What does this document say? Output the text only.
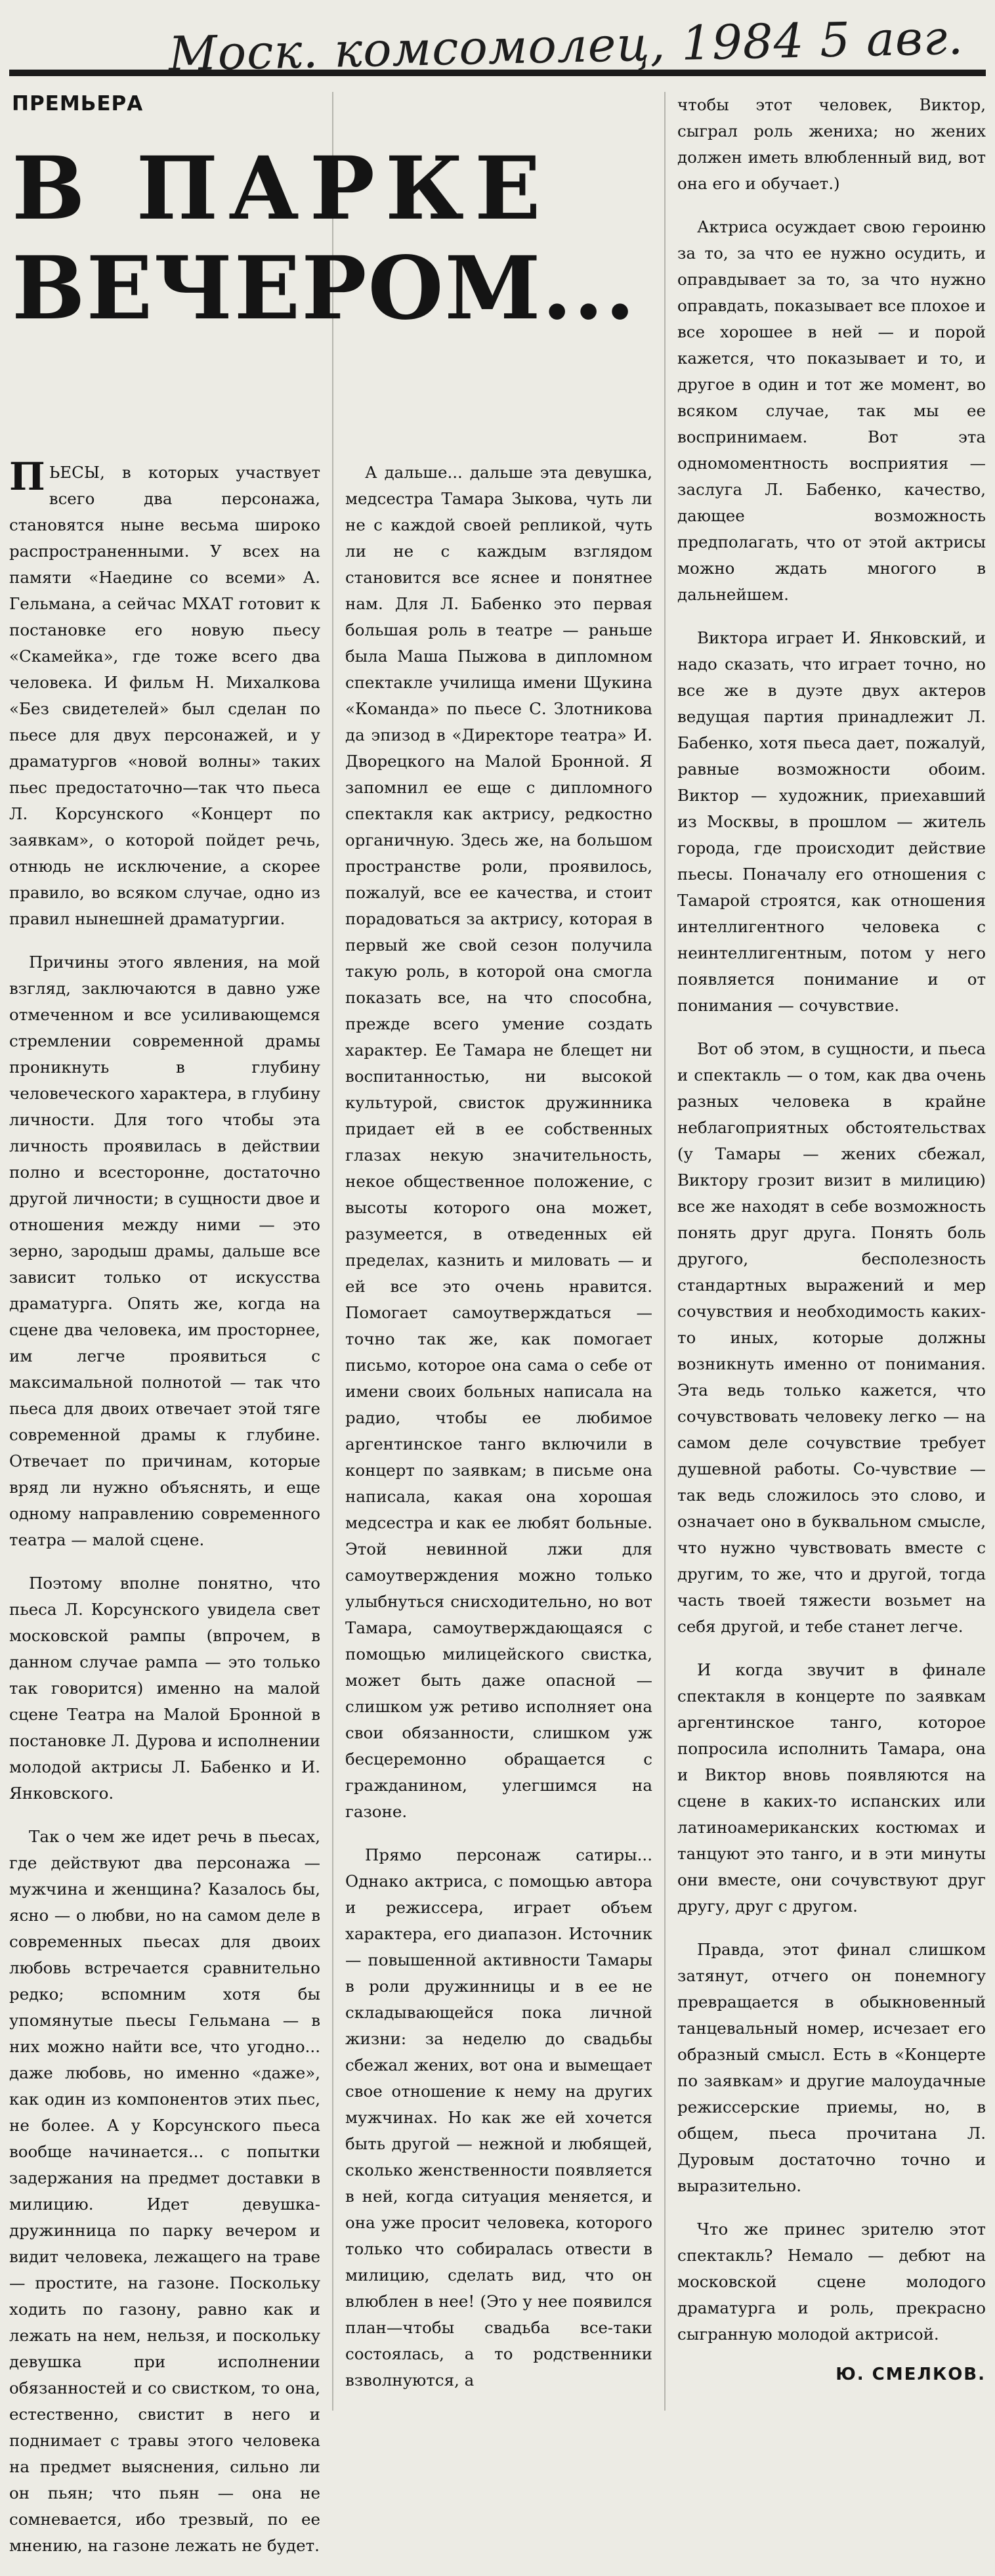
Моск. комсомолец, 1984 5 авг.
ПРЕМЬЕРА
В ПАРКЕ
ВЕЧЕРОМ...

ПЬЕСЫ, в которых участвует всего два персонажа, становятся ныне весьма широко распространенными. У всех на памяти «Наедине со всеми» А. Гельмана, а сейчас МХАТ готовит к постановке его новую пьесу «Скамейка», где тоже всего два человека. И фильм Н. Михалкова «Без свидетелей» был сделан по пьесе для двух персонажей, и у драматургов «новой волны» таких пьес предостаточно—так что пьеса Л. Корсунского «Концерт по заявкам», о которой пойдет речь, отнюдь не исключение, а скорее правило, во всяком случае, одно из правил нынешней драматургии.

Причины этого явления, на мой взгляд, заключаются в давно уже отмеченном и все усиливающемся стремлении современной драмы проникнуть в глубину человеческого характера, в глубину личности. Для того чтобы эта личность проявилась в действии полно и всесторонне, достаточно другой личности; в сущности двое и отношения между ними — это зерно, зародыш драмы, дальше все зависит только от искусства драматурга. Опять же, когда на сцене два человека, им просторнее, им легче проявиться с максимальной полнотой — так что пьеса для двоих отвечает этой тяге современной драмы к глубине. Отвечает по причинам, которые вряд ли нужно объяснять, и еще одному направлению современного театра — малой сцене.

Поэтому вполне понятно, что пьеса Л. Корсунского увидела свет московской рампы (впрочем, в данном случае рампа — это только так говорится) именно на малой сцене Театра на Малой Бронной в постановке Л. Дурова и исполнении молодой актрисы Л. Бабенко и И. Янковского.

Так о чем же идет речь в пьесах, где действуют два персонажа — мужчина и женщина? Казалось бы, ясно — о любви, но на самом деле в современных пьесах для двоих любовь встречается сравнительно редко; вспомним хотя бы упомянутые пьесы Гельмана — в них можно найти все, что угодно... даже любовь, но именно «даже», как один из компонентов этих пьес, не более. А у Корсунского пьеса вообще начинается... с попытки задержания на предмет доставки в милицию. Идет девушка-дружинница по парку вечером и видит человека, лежащего на траве — простите, на газоне. Поскольку ходить по газону, равно как и лежать на нем, нельзя, и поскольку девушка при исполнении обязанностей и со свистком, то она, естественно, свистит в него и поднимает с травы этого человека на предмет выяснения, сильно ли он пьян; что пьян — она не сомневается, ибо трезвый, по ее мнению, на газоне лежать не будет.

А дальше... дальше эта девушка, медсестра Тамара Зыкова, чуть ли не с каждой своей репликой, чуть ли не с каждым взглядом становится все яснее и понятнее нам. Для Л. Бабенко это первая большая роль в театре — раньше была Маша Пыжова в дипломном спектакле училища имени Щукина «Команда» по пьесе С. Злотникова да эпизод в «Директоре театра» И. Дворецкого на Малой Бронной. Я запомнил ее еще с дипломного спектакля как актрису, редкостно органичную. Здесь же, на большом пространстве роли, проявилось, пожалуй, все ее качества, и стоит порадоваться за актрису, которая в первый же свой сезон получила такую роль, в которой она смогла показать все, на что способна, прежде всего умение создать характер. Ее Тамара не блещет ни воспитанностью, ни высокой культурой, свисток дружинника придает ей в ее собственных глазах некую значительность, некое общественное положение, с высоты которого она может, разумеется, в отведенных ей пределах, казнить и миловать — и ей все это очень нравится. Помогает самоутверждаться — точно так же, как помогает письмо, которое она сама о себе от имени своих больных написала на радио, чтобы ее любимое аргентинское танго включили в концерт по заявкам; в письме она написала, какая она хорошая медсестра и как ее любят больные. Этой невинной лжи для самоутверждения можно только улыбнуться снисходительно, но вот Тамара, самоутверждающаяся с помощью милицейского свистка, может быть даже опасной — слишком уж ретиво исполняет она свои обязанности, слишком уж бесцеремонно обращается с гражданином, улегшимся на газоне.

Прямо персонаж сатиры... Однако актриса, с помощью автора и режиссера, играет объем характера, его диапазон. Источник — повышенной активности Тамары в роли дружинницы и в ее не складывающейся пока личной жизни: за неделю до свадьбы сбежал жених, вот она и вымещает свое отношение к нему на других мужчинах. Но как же ей хочется быть другой — нежной и любящей, сколько женственности появляется в ней, когда ситуация меняется, и она уже просит человека, которого только что собиралась отвести в милицию, сделать вид, что он влюблен в нее! (Это у нее появился план—чтобы свадьба все-таки состоялась, а то родственники взволнуются, а

чтобы этот человек, Виктор, сыграл роль жениха; но жених должен иметь влюбленный вид, вот она его и обучает.)

Актриса осуждает свою героиню за то, за что ее нужно осудить, и оправдывает за то, за что нужно оправдать, показывает все плохое и все хорошее в ней — и порой кажется, что показывает и то, и другое в один и тот же момент, во всяком случае, так мы ее воспринимаем. Вот эта одномоментность восприятия — заслуга Л. Бабенко, качество, дающее возможность предполагать, что от этой актрисы можно ждать многого в дальнейшем.

Виктора играет И. Янковский, и надо сказать, что играет точно, но все же в дуэте двух актеров ведущая партия принадлежит Л. Бабенко, хотя пьеса дает, пожалуй, равные возможности обоим. Виктор — художник, приехавший из Москвы, в прошлом — житель города, где происходит действие пьесы. Поначалу его отношения с Тамарой строятся, как отношения интеллигентного человека с неинтеллигентным, потом у него появляется понимание и от понимания — сочувствие.

Вот об этом, в сущности, и пьеса и спектакль — о том, как два очень разных человека в крайне неблагоприятных обстоятельствах (у Тамары — жених сбежал, Виктору грозит визит в милицию) все же находят в себе возможность понять друг друга. Понять боль другого, бесполезность стандартных выражений и мер сочувствия и необходимость каких-то иных, которые должны возникнуть именно от понимания. Эта ведь только кажется, что сочувствовать человеку легко — на самом деле сочувствие требует душевной работы. Со-чувствие — так ведь сложилось это слово, и означает оно в буквальном смысле, что нужно чувствовать вместе с другим, то же, что и другой, тогда часть твоей тяжести возьмет на себя другой, и тебе станет легче.

И когда звучит в финале спектакля в концерте по заявкам аргентинское танго, которое попросила исполнить Тамара, она и Виктор вновь появляются на сцене в каких-то испанских или латиноамериканских костюмах и танцуют это танго, и в эти минуты они вместе, они сочувствуют друг другу, друг с другом.

Правда, этот финал слишком затянут, отчего он понемногу превращается в обыкновенный танцевальный номер, исчезает его образный смысл. Есть в «Концерте по заявкам» и другие малоудачные режиссерские приемы, но, в общем, пьеса прочитана Л. Дуровым достаточно точно и выразительно.

Что же принес зрителю этот спектакль? Немало — дебют на московской сцене молодого драматурга и роль, прекрасно сыгранную молодой актрисой.

Ю. СМЕЛКОВ.
